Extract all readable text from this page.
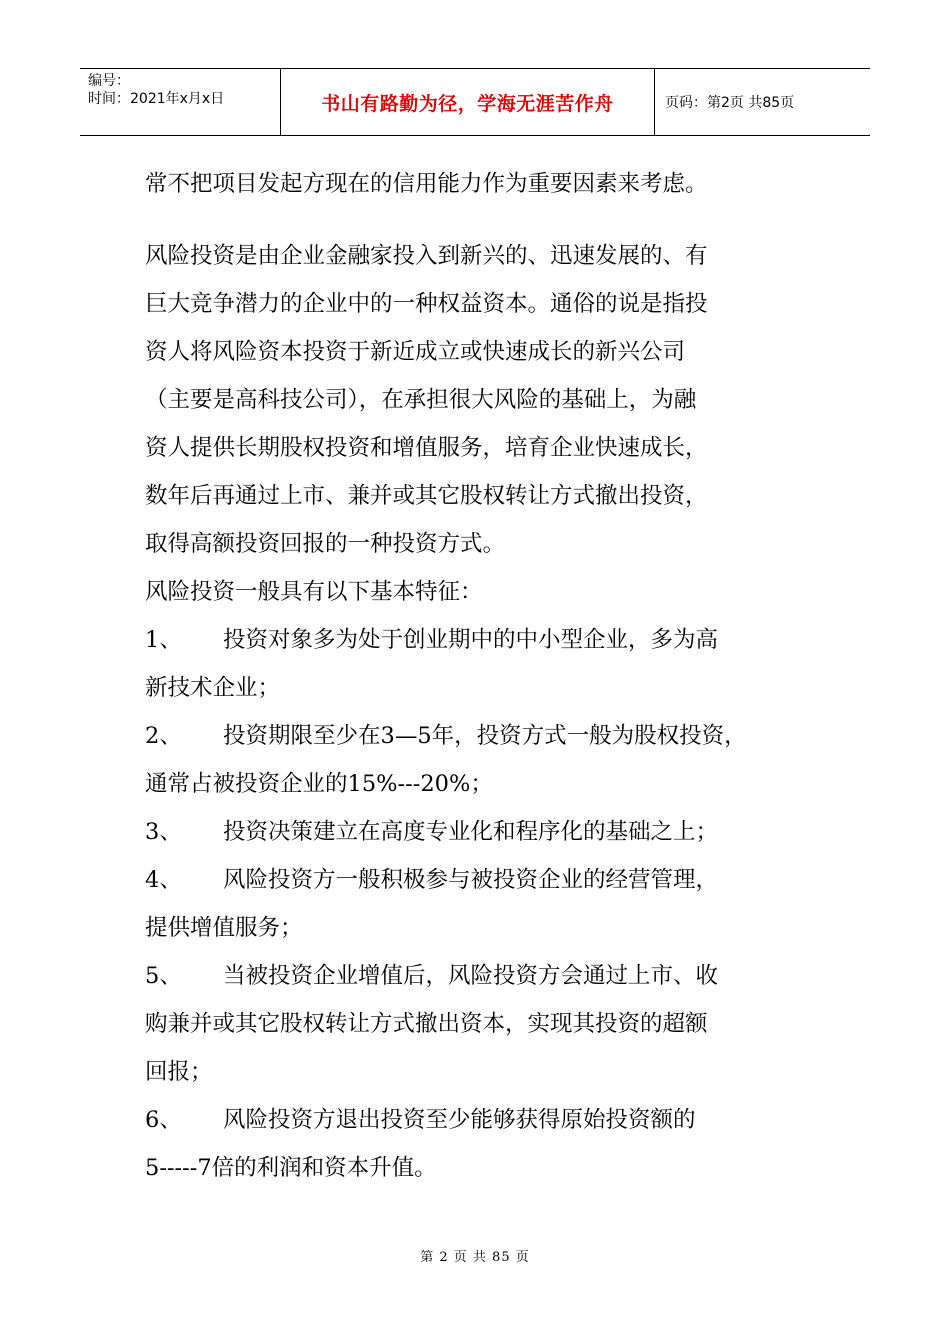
编号：
时间：2021年x月x日	书山有路勤为径，学海无涯苦作舟	页码：第2页 共85页

常不把项目发起方现在的信用能力作为重要因素来考虑。

风险投资是由企业金融家投入到新兴的、迅速发展的、有

巨大竞争潜力的企业中的一种权益资本。通俗的说是指投

资人将风险资本投资于新近成立或快速成长的新兴公司

（主要是高科技公司），在承担很大风险的基础上，为融

资人提供长期股权投资和增值服务，培育企业快速成长，

数年后再通过上市、兼并或其它股权转让方式撤出投资，

取得高额投资回报的一种投资方式。

风险投资一般具有以下基本特征：

1、 投资对象多为处于创业期中的中小型企业，多为高

新技术企业；

2、 投资期限至少在3—5年，投资方式一般为股权投资，

通常占被投资企业的15%---20%；

3、 投资决策建立在高度专业化和程序化的基础之上；

4、 风险投资方一般积极参与被投资企业的经营管理，

提供增值服务；

5、 当被投资企业增值后，风险投资方会通过上市、收

购兼并或其它股权转让方式撤出资本，实现其投资的超额

回报；

6、 风险投资方退出投资至少能够获得原始投资额的

5-----7倍的利润和资本升值。

第 2 页 共 85 页
